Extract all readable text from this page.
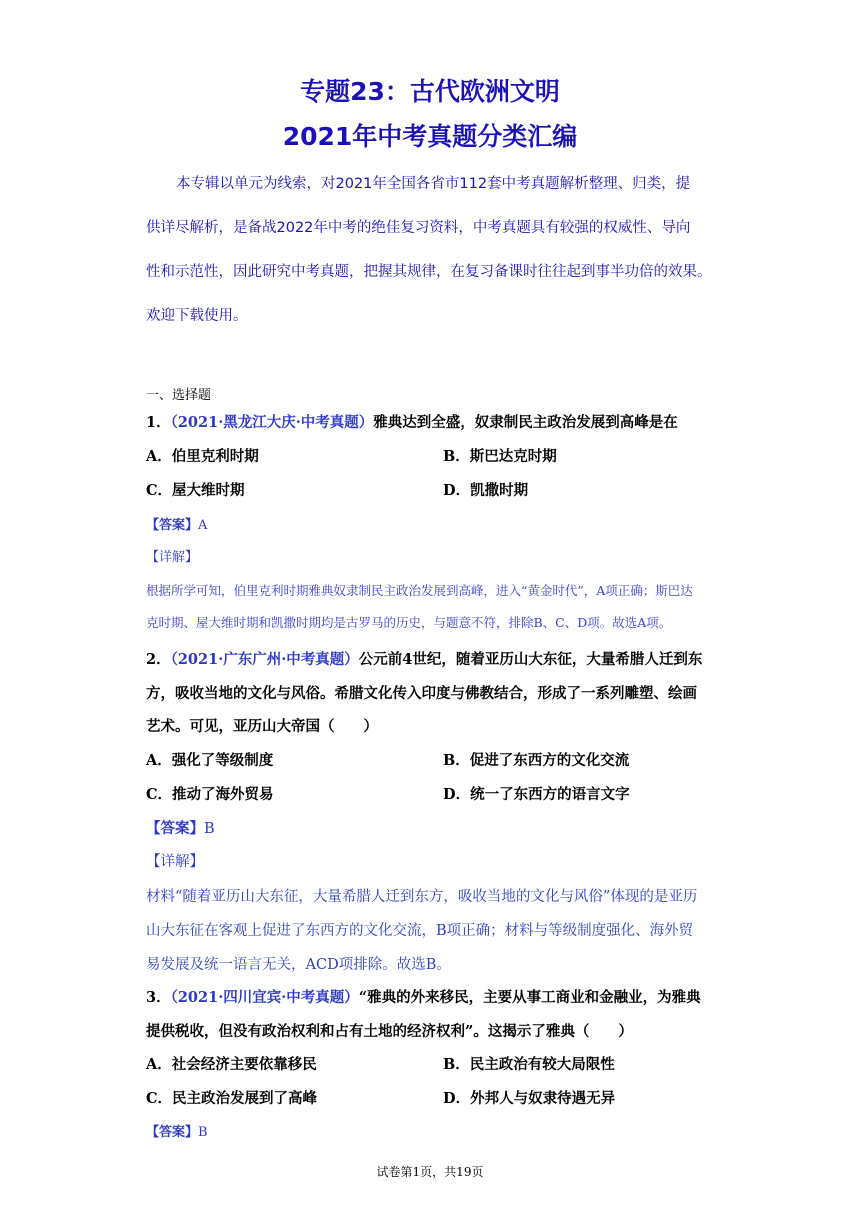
专题23：古代欧洲文明
2021年中考真题分类汇编
本专辑以单元为线索，对2021年全国各省市112套中考真题解析整理、归类，提
供详尽解析，是备战2022年中考的绝佳复习资料，中考真题具有较强的权威性、导向
性和示范性，因此研究中考真题，把握其规律，在复习备课时往往起到事半功倍的效果。
欢迎下载使用。
一、选择题
1．（2021·黑龙江大庆·中考真题）雅典达到全盛，奴隶制民主政治发展到高峰是在
A．伯里克利时期	B．斯巴达克时期
C．屋大维时期	D．凯撒时期
【答案】A
【详解】
根据所学可知，伯里克利时期雅典奴隶制民主政治发展到高峰，进入“黄金时代”，A项正确；斯巴达
克时期、屋大维时期和凯撒时期均是古罗马的历史，与题意不符，排除B、C、D项。故选A项。
2．（2021·广东广州·中考真题）公元前4世纪，随着亚历山大东征，大量希腊人迁到东
方，吸收当地的文化与风俗。希腊文化传入印度与佛教结合，形成了一系列雕塑、绘画
艺术。可见，亚历山大帝国（　　）
A．强化了等级制度	B．促进了东西方的文化交流
C．推动了海外贸易	D．统一了东西方的语言文字
【答案】B
【详解】
材料“随着亚历山大东征，大量希腊人迁到东方，吸收当地的文化与风俗”体现的是亚历
山大东征在客观上促进了东西方的文化交流，B项正确；材料与等级制度强化、海外贸
易发展及统一语言无关，ACD项排除。故选B。
3．（2021·四川宜宾·中考真题）“雅典的外来移民，主要从事工商业和金融业，为雅典
提供税收，但没有政治权利和占有土地的经济权利”。这揭示了雅典（　　）
A．社会经济主要依靠移民	B．民主政治有较大局限性
C．民主政治发展到了高峰	D．外邦人与奴隶待遇无异
【答案】B
试卷第1页，共19页
